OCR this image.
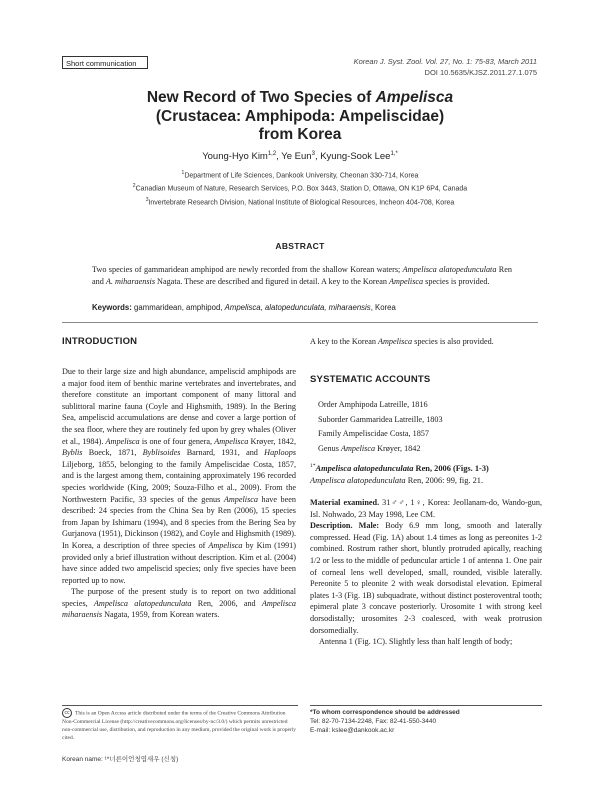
Short communication	Korean J. Syst. Zool. Vol. 27, No. 1: 75-83, March 2011
DOI 10.5635/KJSZ.2011.27.1.075
New Record of Two Species of Ampelisca
(Crustacea: Amphipoda: Ampeliscidae)
from Korea
Young-Hyo Kim$^{1,2}$, Ye Eun$^3$, Kyung-Sook Lee$^{1,*}$
$^1$Department of Life Sciences, Dankook University, Cheonan 330-714, Korea
$^2$Canadian Museum of Nature, Research Services, P.O. Box 3443, Station D, Ottawa, ON K1P 6P4, Canada
$^3$Invertebrate Research Division, National Institute of Biological Resources, Incheon 404-708, Korea
ABSTRACT
Two species of gammaridean amphipod are newly recorded from the shallow Korean waters; Ampelisca alatopedunculata Ren and A. miharaensis Nagata. These are described and figured in detail. A key to the Korean Ampelisca species is provided.
Keywords: gammaridean, amphipod, Ampelisca, alatopedunculata, miharaensis, Korea
INTRODUCTION

Due to their large size and high abundance, ampeliscid amphipods are a major food item of benthic marine vertebrates and invertebrates, and therefore constitute an important component of many littoral and sublittoral marine fauna (Coyle and Highsmith, 1989). In the Bering Sea, ampeliscid accumulations are dense and cover a large portion of the sea floor, where they are routinely fed upon by grey whales (Oliver et al., 1984). Ampelisca is one of four genera, Ampelisca Krøyer, 1842, Byblis Boeck, 1871, Byblisoides Barnard, 1931, and Haploops Liljeborg, 1855, belonging to the family Ampeliscidae Costa, 1857, and is the largest among them, containing approximately 196 recorded species worldwide (King, 2009; Souza-Filho et al., 2009). From the Northwestern Pacific, 33 species of the genus Ampelisca have been described: 24 species from the China Sea by Ren (2006), 15 species from Japan by Ishimaru (1994), and 8 species from the Bering Sea by Gurjanova (1951), Dickinson (1982), and Coyle and Highsmith (1989). In Korea, a description of three species of Ampelisca by Kim (1991) provided only a brief illustration without description. Kim et al. (2004) have since added two ampeliscid species; only five species have been reported up to now.

The purpose of the present study is to report on two additional species, Ampelisca alatopedunculata Ren, 2006, and Ampelisca miharaensis Nagata, 1959, from Korean waters.

A key to the Korean Ampelisca species is also provided.
SYSTEMATIC ACCOUNTS
Order Amphipoda Latreille, 1816
Suborder Gammaridea Latreille, 1803
Family Ampeliscidae Costa, 1857
Genus Ampelisca Krøyer, 1842
$^{1*}$Ampelisca alatopedunculata Ren, 2006 (Figs. 1-3)
Ampelisca alatopedunculata Ren, 2006: 99, fig. 21.
Material examined. 31♂♂, 1♀, Korea: Jeollanam-do, Wando-gun, Isl. Nohwado, 23 May 1998, Lee CM.
Description. Male: Body 6.9 mm long, smooth and laterally compressed. Head (Fig. 1A) about 1.4 times as long as pereonites 1-2 combined. Rostrum rather short, bluntly protruded apically, reaching 1/2 or less to the middle of peduncular article 1 of antenna 1. One pair of corneal lens well developed, small, rounded, visible laterally. Pereonite 5 to pleonite 2 with weak dorsodistal elevation. Epimeral plates 1-3 (Fig. 1B) subquadrate, without distinct posteroventral tooth; epimeral plate 3 concave posteriorly. Urosomite 1 with strong keel dorsodistally; urosomites 2-3 coalesced, with weak protrusion dorsomedially.
Antenna 1 (Fig. 1C). Slightly less than half length of body;
cc This is an Open Access article distributed under the terms of the Creative Commons Attribution Non-Commercial License (http://creativecommons.org/licenses/by-nc/3.0/) which permits unrestricted non-commercial use, distribution, and reproduction in any medium, provided the original work is properly cited.
*To whom correspondence should be addressed
Tel: 82-70-7134-2248, Fax: 82-41-550-3440
E-mail: kslee@dankook.ac.kr
Korean name: ¹*너른이언청엽새우 (신칭)
